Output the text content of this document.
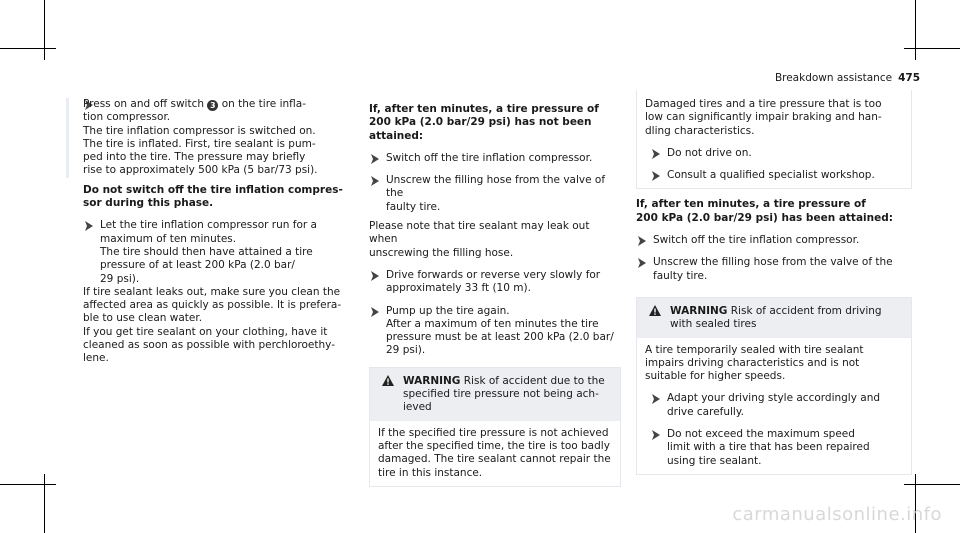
Breakdown assistance 475

Press on and off switch 3 on the tire infla-

tion compressor.

The tire inflation compressor is switched on.

The tire is inflated. First, tire sealant is pum-

ped into the tire. The pressure may briefly

rise to approximately 500 kPa (5 bar/73 psi).

Do not switch off the tire inflation compres-

sor during this phase.

Let the tire inflation compressor run for a

maximum of ten minutes.

The tire should then have attained a tire

pressure of at least 200 kPa (2.0 bar/

29 psi).

If tire sealant leaks out, make sure you clean the

affected area as quickly as possible. It is prefera-

ble to use clean water.

If you get tire sealant on your clothing, have it

cleaned as soon as possible with perchloroethy-

lene.

If, after ten minutes, a tire pressure of

200 kPa (2.0 bar/29 psi) has not been

attained:

Switch off the tire inflation compressor.

Unscrew the filling hose from the valve of the

faulty tire.

Please note that tire sealant may leak out when

unscrewing the filling hose.

Drive forwards or reverse very slowly for

approximately 33 ft (10 m).

Pump up the tire again.

After a maximum of ten minutes the tire

pressure must be at least 200 kPa (2.0 bar/

29 psi).

WARNING Risk of accident due to the

specified tire pressure not being ach-

ieved

If the specified tire pressure is not achieved

after the specified time, the tire is too badly

damaged. The tire sealant cannot repair the

tire in this instance.

Damaged tires and a tire pressure that is too

low can significantly impair braking and han-

dling characteristics.

Do not drive on.

Consult a qualified specialist workshop.

If, after ten minutes, a tire pressure of

200 kPa (2.0 bar/29 psi) has been attained:

Switch off the tire inflation compressor.

Unscrew the filling hose from the valve of the

faulty tire.

WARNING Risk of accident from driving

with sealed tires

A tire temporarily sealed with tire sealant

impairs driving characteristics and is not

suitable for higher speeds.

Adapt your driving style accordingly and

drive carefully.

Do not exceed the maximum speed

limit with a tire that has been repaired

using tire sealant.

carmanualsonline.info
